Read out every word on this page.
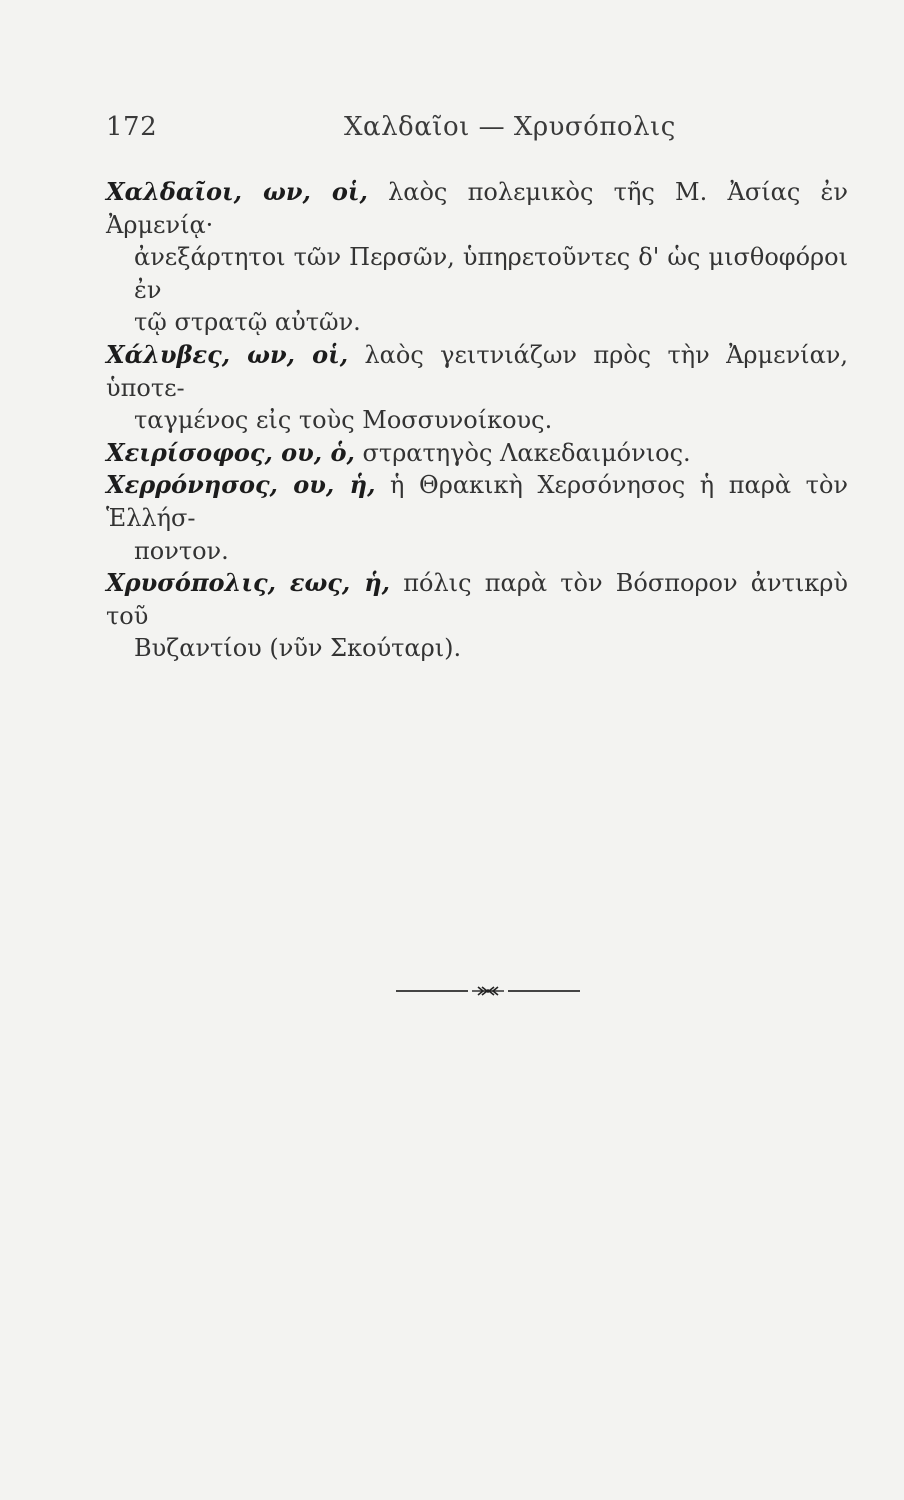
172	Χαλδαῖοι — Χρυσόπολις
Χαλδαῖοι, ων, οἱ, λαὸς πολεμικὸς τῆς Μ. Ἀσίας ἐν Ἀρμενίᾳ·
ἀνεξάρτητοι τῶν Περσῶν, ὑπηρετοῦντες δ' ὡς μισθοφόροι ἐν
τῷ στρατῷ αὐτῶν.
Χάλυβες, ων, οἱ, λαὸς γειτνιάζων πρὸς τὴν Ἀρμενίαν, ὑποτε-
ταγμένος εἰς τοὺς Μοσσυνοίκους.
Χειρίσοφος, ου, ὁ, στρατηγὸς Λακεδαιμόνιος.
Χερρόνησος, ου, ἡ, ἡ Θρακικὴ Χερσόνησος ἡ παρὰ τὸν Ἑλλήσ-
ποντον.
Χρυσόπολις, εως, ἡ, πόλις παρὰ τὸν Βόσπορον ἀντικρὺ τοῦ
Βυζαντίου (νῦν Σκούταρι).
